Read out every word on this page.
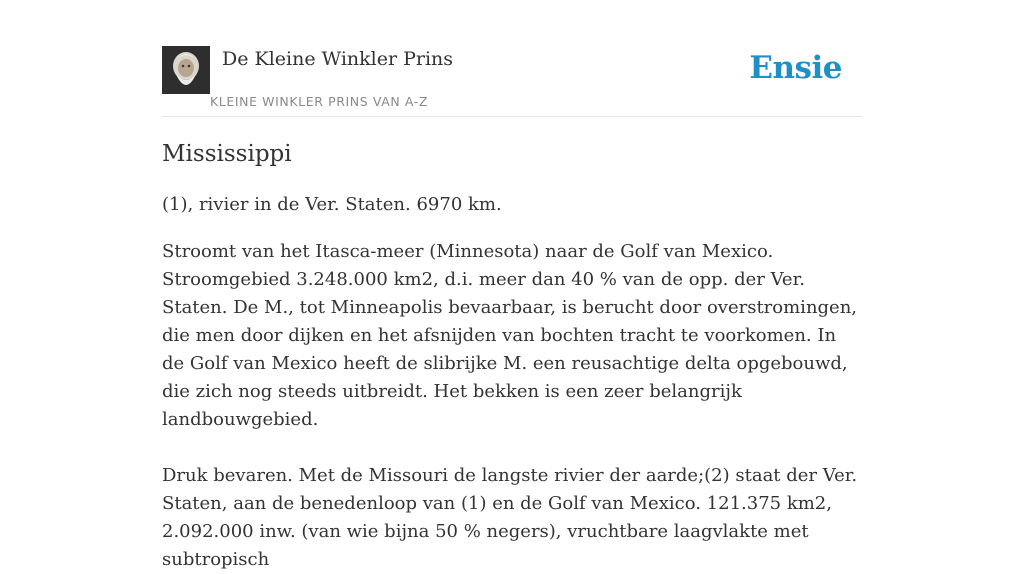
De Kleine Winkler Prins
KLEINE WINKLER PRINS VAN A-Z
Ensie
Mississippi

(1), rivier in de Ver. Staten. 6970 km.

Stroomt van het Itasca-meer (Minnesota) naar de Golf van Mexico. Stroomgebied 3.248.000 km2, d.i. meer dan 40 % van de opp. der Ver. Staten. De M., tot Minneapolis bevaarbaar, is berucht door overstromingen, die men door dijken en het afsnijden van bochten tracht te voorkomen. In de Golf van Mexico heeft de slibrijke M. een reusachtige delta opgebouwd, die zich nog steeds uitbreidt. Het bekken is een zeer belangrijk landbouwgebied.

Druk bevaren. Met de Missouri de langste rivier der aarde;(2) staat der Ver. Staten, aan de benedenloop van (1) en de Golf van Mexico. 121.375 km2, 2.092.000 inw. (van wie bijna 50 % negers), vruchtbare laagvlakte met subtropisch
